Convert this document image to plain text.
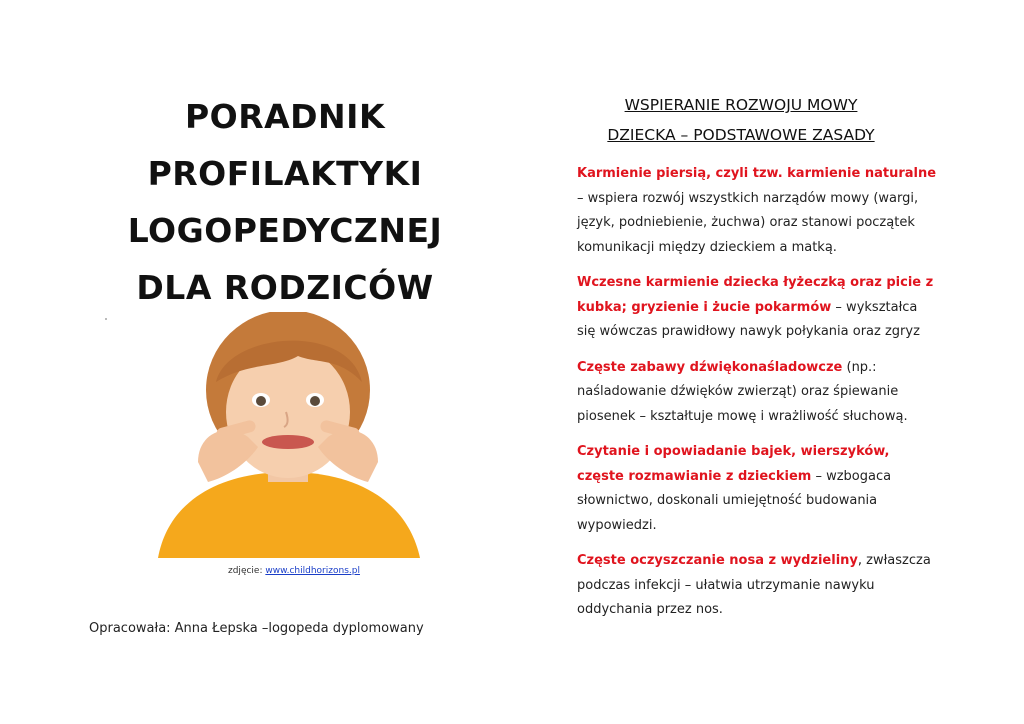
PORADNIK
PROFILAKTYKI
LOGOPEDYCZNEJ
DLA RODZICÓW
zdjęcie: www.childhorizons.pl
Opracowała: Anna Łepska –logopeda dyplomowany
WSPIERANIE ROZWOJU MOWY
DZIECKA – PODSTAWOWE ZASADY
Karmienie piersią, czyli tzw. karmienie naturalne – wspiera rozwój wszystkich narządów mowy (wargi, język, podniebienie, żuchwa) oraz stanowi początek komunikacji między dzieckiem a matką.
Wczesne karmienie dziecka łyżeczką oraz picie z kubka; gryzienie i żucie pokarmów – wykształca się wówczas prawidłowy nawyk połykania oraz zgryz
Częste zabawy dźwiękonaśladowcze (np.: naśladowanie dźwięków zwierząt) oraz śpiewanie piosenek – kształtuje mowę i wrażliwość słuchową.
Czytanie i opowiadanie bajek, wierszyków, częste rozmawianie z dzieckiem – wzbogaca słownictwo, doskonali umiejętność budowania wypowiedzi.
Częste oczyszczanie nosa z wydzieliny, zwłaszcza podczas infekcji – ułatwia utrzymanie nawyku oddychania przez nos.
